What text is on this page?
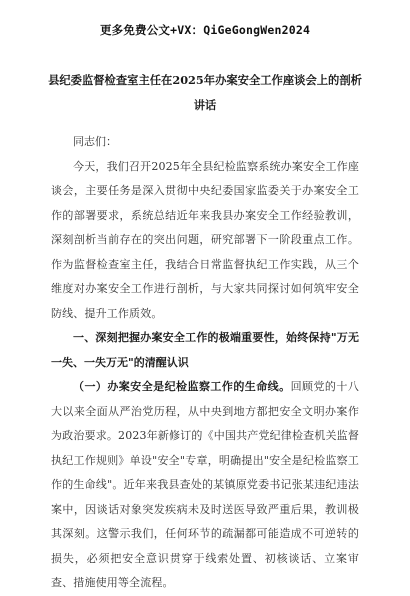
更多免费公文+VX：QiGeGongWen2024
县纪委监督检查室主任在2025年办案安全工作座谈会上的剖析讲话

同志们：

今天，我们召开2025年全县纪检监察系统办案安全工作座谈会，主要任务是深入贯彻中央纪委国家监委关于办案安全工作的部署要求，系统总结近年来我县办案安全工作经验教训，深刻剖析当前存在的突出问题，研究部署下一阶段重点工作。作为监督检查室主任，我结合日常监督执纪工作实践，从三个维度对办案安全工作进行剖析，与大家共同探讨如何筑牢安全防线、提升工作质效。

一、深刻把握办案安全工作的极端重要性，始终保持"万无一失、一失万无"的清醒认识

（一）办案安全是纪检监察工作的生命线。回顾党的十八大以来全面从严治党历程，从中央到地方都把安全文明办案作为政治要求。2023年新修订的《中国共产党纪律检查机关监督执纪工作规则》单设"安全"专章，明确提出"安全是纪检监察工作的生命线"。近年来我县查处的某镇原党委书记张某违纪违法案中，因谈话对象突发疾病未及时送医导致严重后果，教训极其深刻。这警示我们，任何环节的疏漏都可能造成不可逆转的损失，必须把安全意识贯穿于线索处置、初核谈话、立案审查、措施使用等全流程。
